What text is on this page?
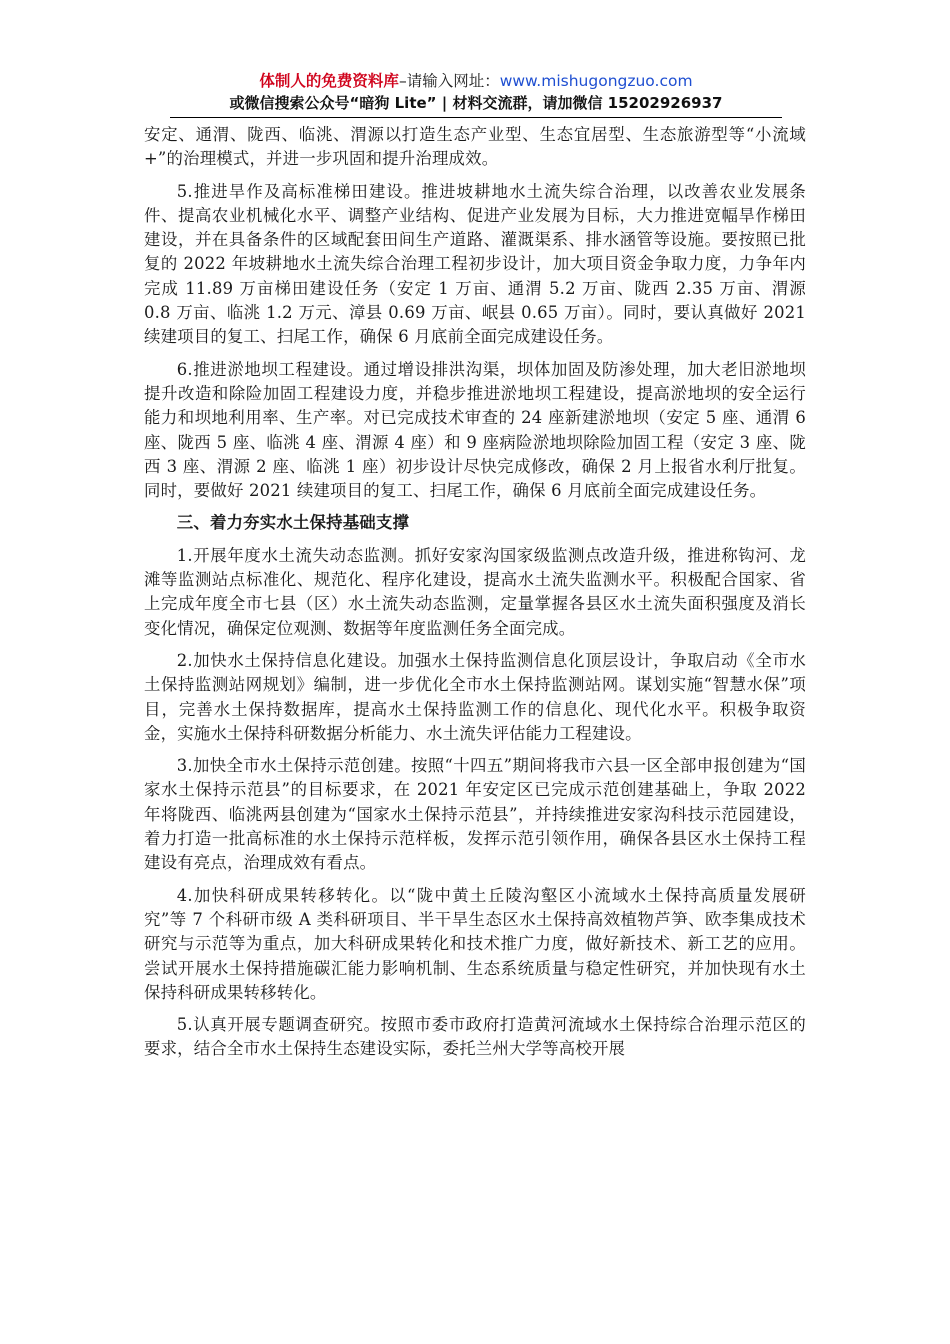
体制人的免费资料库–请输入网址：www.mishugongzuo.com
或微信搜索公众号“暗狗 Lite” | 材料交流群，请加微信 15202926937

安定、通渭、陇西、临洮、渭源以打造生态产业型、生态宜居型、生态旅游型等“小流域+”的治理模式，并进一步巩固和提升治理成效。

5.推进旱作及高标准梯田建设。推进坡耕地水土流失综合治理，以改善农业发展条件、提高农业机械化水平、调整产业结构、促进产业发展为目标，大力推进宽幅旱作梯田建设，并在具备条件的区域配套田间生产道路、灌溉渠系、排水涵管等设施。要按照已批复的 2022 年坡耕地水土流失综合治理工程初步设计，加大项目资金争取力度，力争年内完成 11.89 万亩梯田建设任务（安定 1 万亩、通渭 5.2 万亩、陇西 2.35 万亩、渭源 0.8 万亩、临洮 1.2 万元、漳县 0.69 万亩、岷县 0.65 万亩）。同时，要认真做好 2021 续建项目的复工、扫尾工作，确保 6 月底前全面完成建设任务。

6.推进淤地坝工程建设。通过增设排洪沟渠，坝体加固及防渗处理，加大老旧淤地坝提升改造和除险加固工程建设力度，并稳步推进淤地坝工程建设，提高淤地坝的安全运行能力和坝地利用率、生产率。对已完成技术审查的 24 座新建淤地坝（安定 5 座、通渭 6 座、陇西 5 座、临洮 4 座、渭源 4 座）和 9 座病险淤地坝除险加固工程（安定 3 座、陇西 3 座、渭源 2 座、临洮 1 座）初步设计尽快完成修改，确保 2 月上报省水利厅批复。同时，要做好 2021 续建项目的复工、扫尾工作，确保 6 月底前全面完成建设任务。

三、着力夯实水土保持基础支撑

1.开展年度水土流失动态监测。抓好安家沟国家级监测点改造升级，推进称钩河、龙滩等监测站点标准化、规范化、程序化建设，提高水土流失监测水平。积极配合国家、省上完成年度全市七县（区）水土流失动态监测，定量掌握各县区水土流失面积强度及消长变化情况，确保定位观测、数据等年度监测任务全面完成。

2.加快水土保持信息化建设。加强水土保持监测信息化顶层设计，争取启动《全市水土保持监测站网规划》编制，进一步优化全市水土保持监测站网。谋划实施“智慧水保”项目，完善水土保持数据库，提高水土保持监测工作的信息化、现代化水平。积极争取资金，实施水土保持科研数据分析能力、水土流失评估能力工程建设。

3.加快全市水土保持示范创建。按照“十四五”期间将我市六县一区全部申报创建为“国家水土保持示范县”的目标要求，在 2021 年安定区已完成示范创建基础上，争取 2022 年将陇西、临洮两县创建为“国家水土保持示范县”，并持续推进安家沟科技示范园建设，着力打造一批高标准的水土保持示范样板，发挥示范引领作用，确保各县区水土保持工程建设有亮点，治理成效有看点。

4.加快科研成果转移转化。以“陇中黄土丘陵沟壑区小流域水土保持高质量发展研究”等 7 个科研市级 A 类科研项目、半干旱生态区水土保持高效植物芦笋、欧李集成技术研究与示范等为重点，加大科研成果转化和技术推广力度，做好新技术、新工艺的应用。尝试开展水土保持措施碳汇能力影响机制、生态系统质量与稳定性研究，并加快现有水土保持科研成果转移转化。

5.认真开展专题调查研究。按照市委市政府打造黄河流域水土保持综合治理示范区的要求，结合全市水土保持生态建设实际，委托兰州大学等高校开展
